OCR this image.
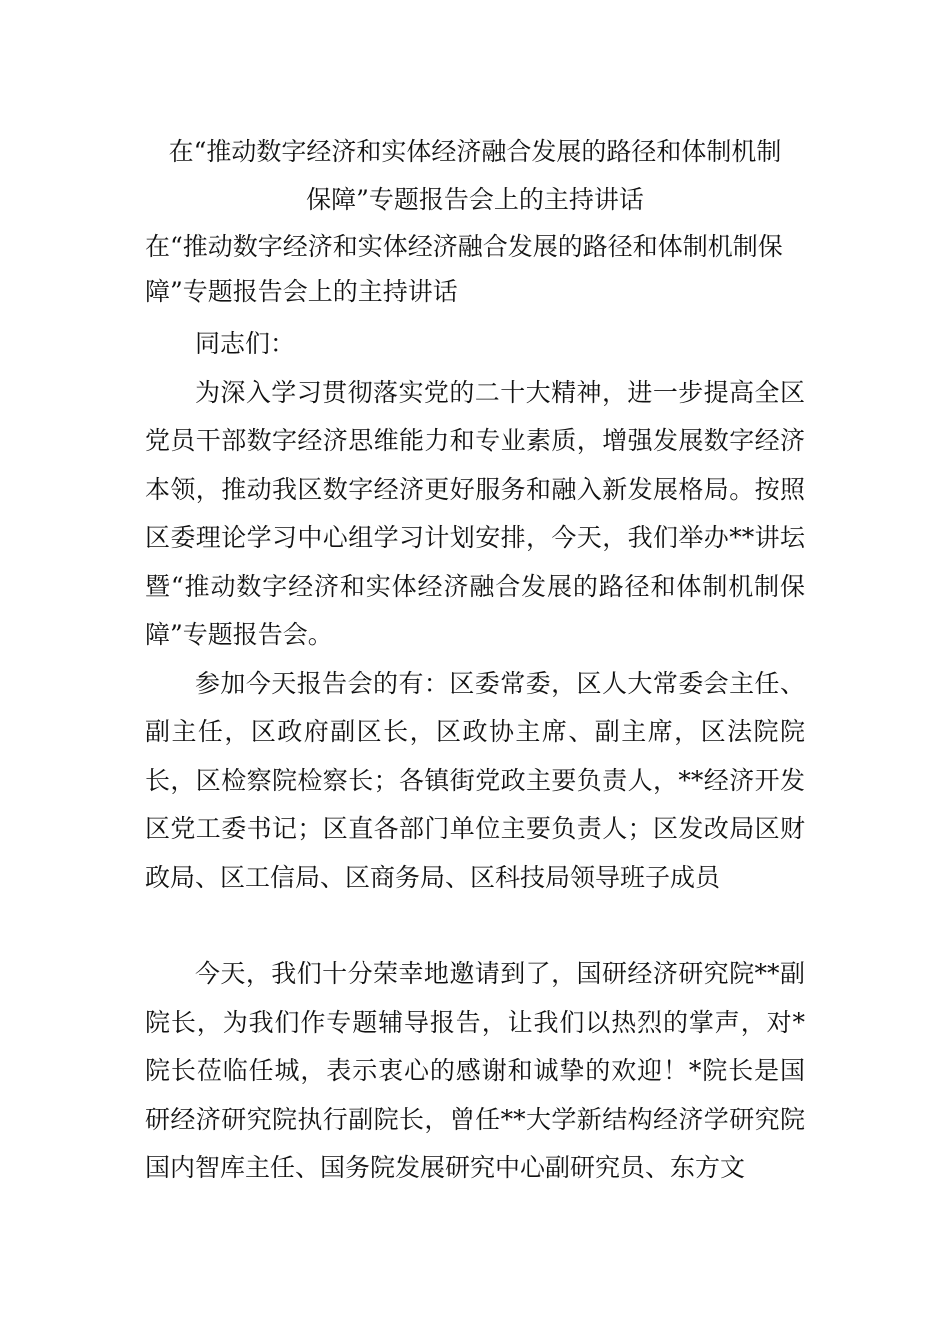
在“推动数字经济和实体经济融合发展的路径和体制机制
保障”专题报告会上的主持讲话

在“推动数字经济和实体经济融合发展的路径和体制机制保障”专题报告会上的主持讲话

同志们：

为深入学习贯彻落实党的二十大精神，进一步提高全区党员干部数字经济思维能力和专业素质，增强发展数字经济本领，推动我区数字经济更好服务和融入新发展格局。按照区委理论学习中心组学习计划安排，今天，我们举办**讲坛暨“推动数字经济和实体经济融合发展的路径和体制机制保障”专题报告会。

参加今天报告会的有：区委常委，区人大常委会主任、副主任，区政府副区长，区政协主席、副主席，区法院院长，区检察院检察长；各镇街党政主要负责人，**经济开发区党工委书记；区直各部门单位主要负责人；区发改局区财政局、区工信局、区商务局、区科技局领导班子成员

今天，我们十分荣幸地邀请到了，国研经济研究院**副院长，为我们作专题辅导报告，让我们以热烈的掌声，对*院长莅临任城，表示衷心的感谢和诚挚的欢迎！*院长是国研经济研究院执行副院长，曾任**大学新结构经济学研究院国内智库主任、国务院发展研究中心副研究员、东方文
